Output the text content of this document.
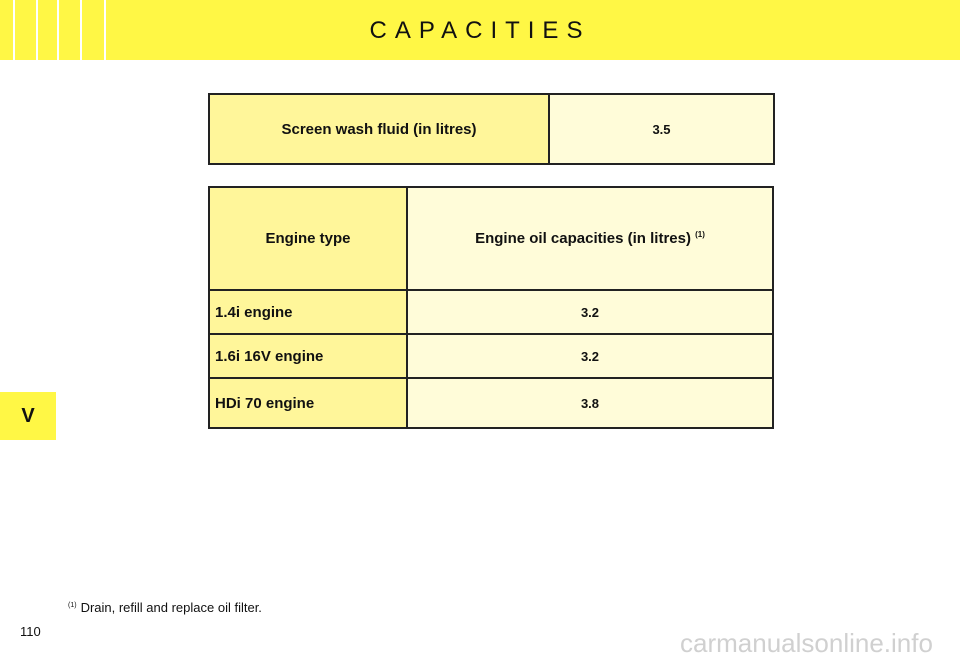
CAPACITIES
V
Screen wash fluid (in litres)	3.5
Engine type	Engine oil capacities (in litres) $^{(1)}$
1.4i engine	3.2
1.6i 16V engine	3.2
HDi 70 engine	3.8
$^{(1)}$ Drain, refill and replace oil filter.
110	carmanualsonline.info
